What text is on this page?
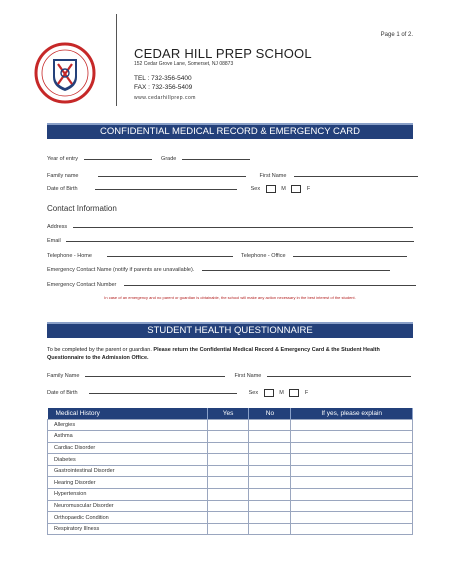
Page 1 of 2.
CEDAR HILL PREP SCHOOL
152 Cedar Grove Lane, Somerset, NJ 08873
TEL : 732-356-5400
FAX : 732-356-5409
www.cedarhillprep.com
CONFIDENTIAL MEDICAL RECORD & EMERGENCY CARD
Year of entry	Grade
Family name	First Name
Date of Birth	Sex	M	F
Contact Information
Address
Email
Telephone - Home	Telephone - Office
Emergency Contact Name (notify if parents are unavailable).
Emergency Contact Number
In case of an emergency and no parent or guardian is obtainable, the school will make any action necessary in the best interest of the student.
STUDENT HEALTH QUESTIONNAIRE
To be completed by the parent or guardian. Please return the Confidential Medical Record & Emergency Card & the Student Health Questionnaire to the Admission Office.
Family Name	First Name
Date of Birth	Sex	M	F
Medical History	Yes	No	If yes, please explain
Allergies			
Asthma			
Cardiac Disorder			
Diabetes			
Gastrointestinal Disorder			
Hearing Disorder			
Hypertension			
Neuromuscular Disorder			
Orthopaedic Condition			
Respiratory Illness			
